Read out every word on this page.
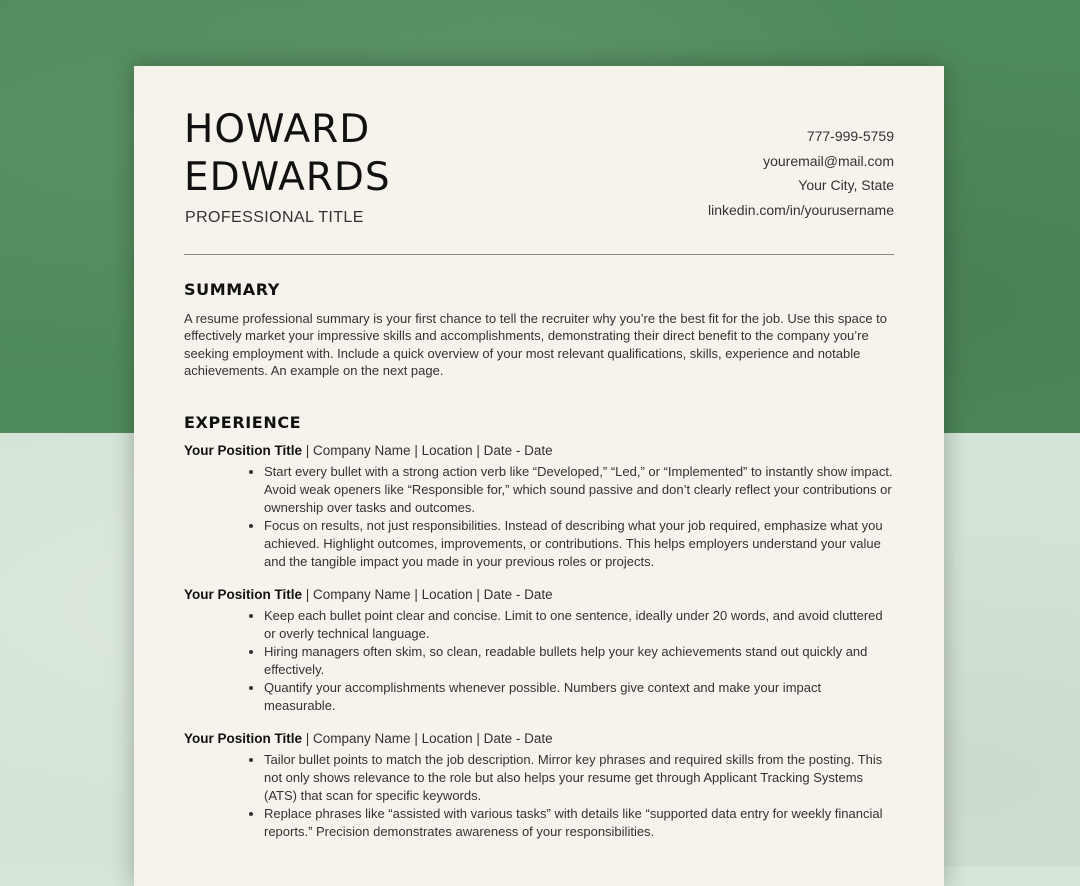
HOWARD
EDWARDS
PROFESSIONAL TITLE
777-999-5759
youremail@mail.com
Your City, State
linkedin.com/in/yourusername
SUMMARY

A resume professional summary is your first chance to tell the recruiter why you’re the best fit for the job. Use this space to effectively market your impressive skills and accomplishments, demonstrating their direct benefit to the company you’re seeking employment with. Include a quick overview of your most relevant qualifications, skills, experience and notable achievements. An example on the next page.

EXPERIENCE
Your Position Title | Company Name | Location | Date - Date
• Start every bullet with a strong action verb like “Developed,” “Led,” or “Implemented” to instantly show impact. Avoid weak openers like “Responsible for,” which sound passive and don’t clearly reflect your contributions or ownership over tasks and outcomes.
• Focus on results, not just responsibilities. Instead of describing what your job required, emphasize what you achieved. Highlight outcomes, improvements, or contributions. This helps employers understand your value and the tangible impact you made in your previous roles or projects.
Your Position Title | Company Name | Location | Date - Date
• Keep each bullet point clear and concise. Limit to one sentence, ideally under 20 words, and avoid cluttered or overly technical language.
• Hiring managers often skim, so clean, readable bullets help your key achievements stand out quickly and effectively.
• Quantify your accomplishments whenever possible. Numbers give context and make your impact measurable.
Your Position Title | Company Name | Location | Date - Date
• Tailor bullet points to match the job description. Mirror key phrases and required skills from the posting. This not only shows relevance to the role but also helps your resume get through Applicant Tracking Systems (ATS) that scan for specific keywords.
• Replace phrases like “assisted with various tasks” with details like “supported data entry for weekly financial reports.” Precision demonstrates awareness of your responsibilities.
